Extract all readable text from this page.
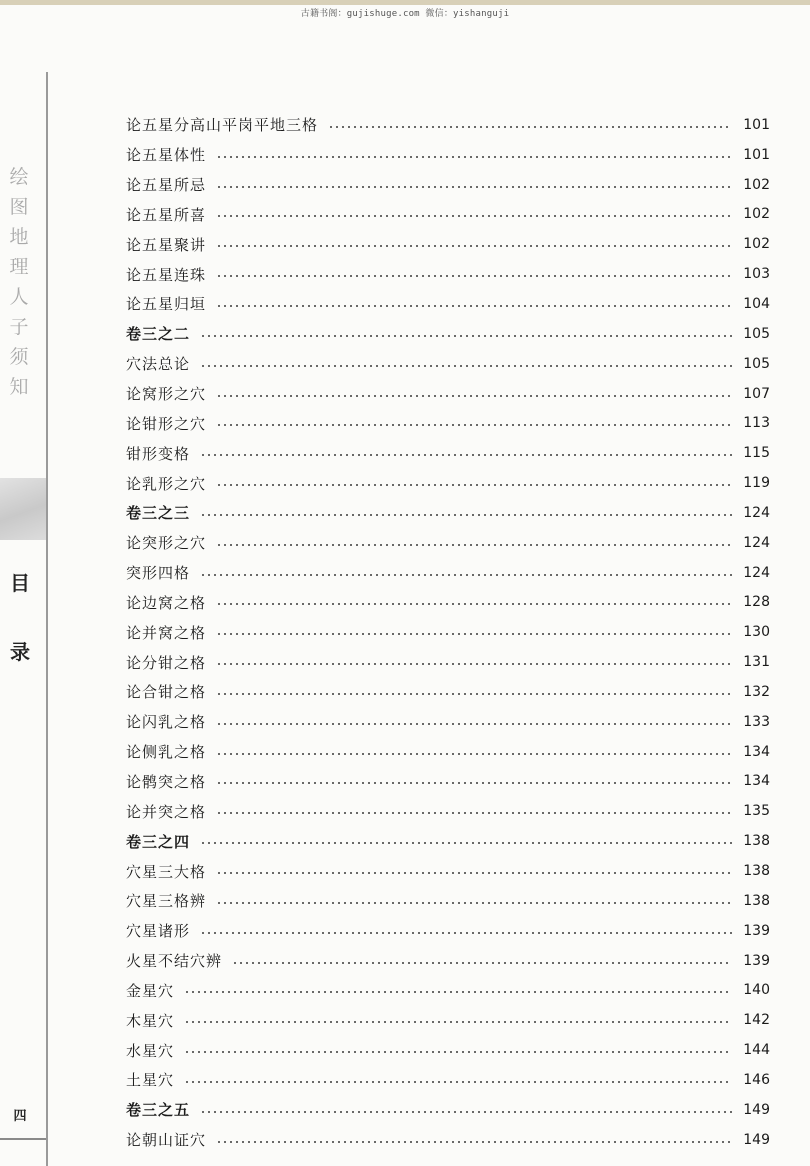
古籍书阁：gujishuge.com 微信：yishanguji
绘
图
地
理
人
子
须
知
目
录
四
论五星分高山平岗平地三格	101
论五星体性	101
论五星所忌	102
论五星所喜	102
论五星聚讲	102
论五星连珠	103
论五星归垣	104
卷三之二	105
穴法总论	105
论窝形之穴	107
论钳形之穴	113
钳形变格	115
论乳形之穴	119
卷三之三	124
论突形之穴	124
突形四格	124
论边窝之格	128
论并窝之格	130
论分钳之格	131
论合钳之格	132
论闪乳之格	133
论侧乳之格	134
论鹘突之格	134
论并突之格	135
卷三之四	138
穴星三大格	138
穴星三格辨	138
穴星诸形	139
火星不结穴辨	139
金星穴	140
木星穴	142
水星穴	144
土星穴	146
卷三之五	149
论朝山证穴	149
